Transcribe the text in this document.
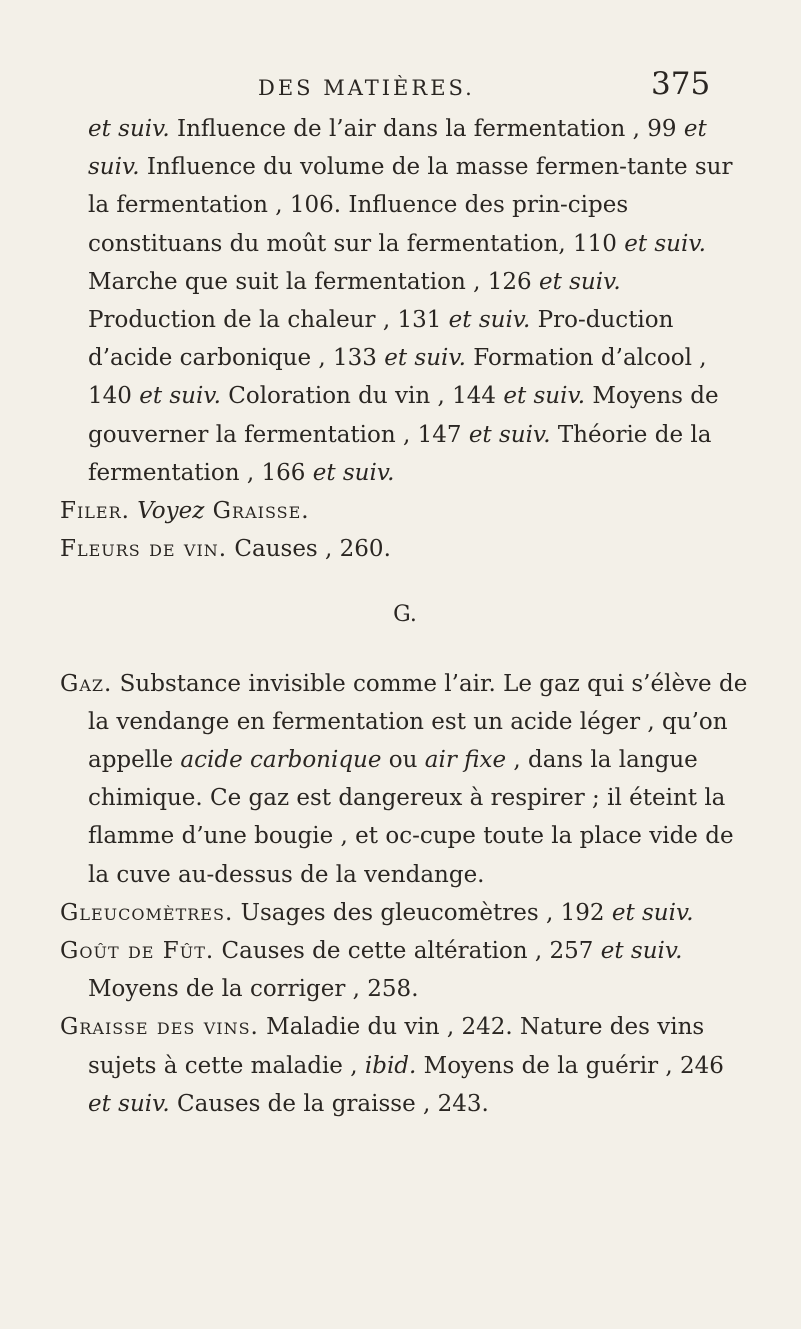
DES MATIÈRES.	375

et suiv. Influence de l’air dans la fermentation , 99 et suiv. Influence du volume de la masse fermen-tante sur la fermentation , 106. Influence des prin-cipes constituans du moût sur la fermentation, 110 et suiv. Marche que suit la fermentation , 126 et suiv. Production de la chaleur , 131 et suiv. Pro-duction d’acide carbonique , 133 et suiv. Formation d’alcool , 140 et suiv. Coloration du vin , 144 et suiv. Moyens de gouverner la fermentation , 147 et suiv. Théorie de la fermentation , 166 et suiv.

Filer. Voyez Graisse.

Fleurs de vin. Causes , 260.

G.

Gaz. Substance invisible comme l’air. Le gaz qui s’élève de la vendange en fermentation est un acide léger , qu’on appelle acide carbonique ou air fixe , dans la langue chimique. Ce gaz est dangereux à respirer ; il éteint la flamme d’une bougie , et oc-cupe toute la place vide de la cuve au-dessus de la vendange.

Gleucomètres. Usages des gleucomètres , 192 et suiv.

Goût de Fût. Causes de cette altération , 257 et suiv. Moyens de la corriger , 258.

Graisse des vins. Maladie du vin , 242. Nature des vins sujets à cette maladie , ibid. Moyens de la guérir , 246 et suiv. Causes de la graisse , 243.
